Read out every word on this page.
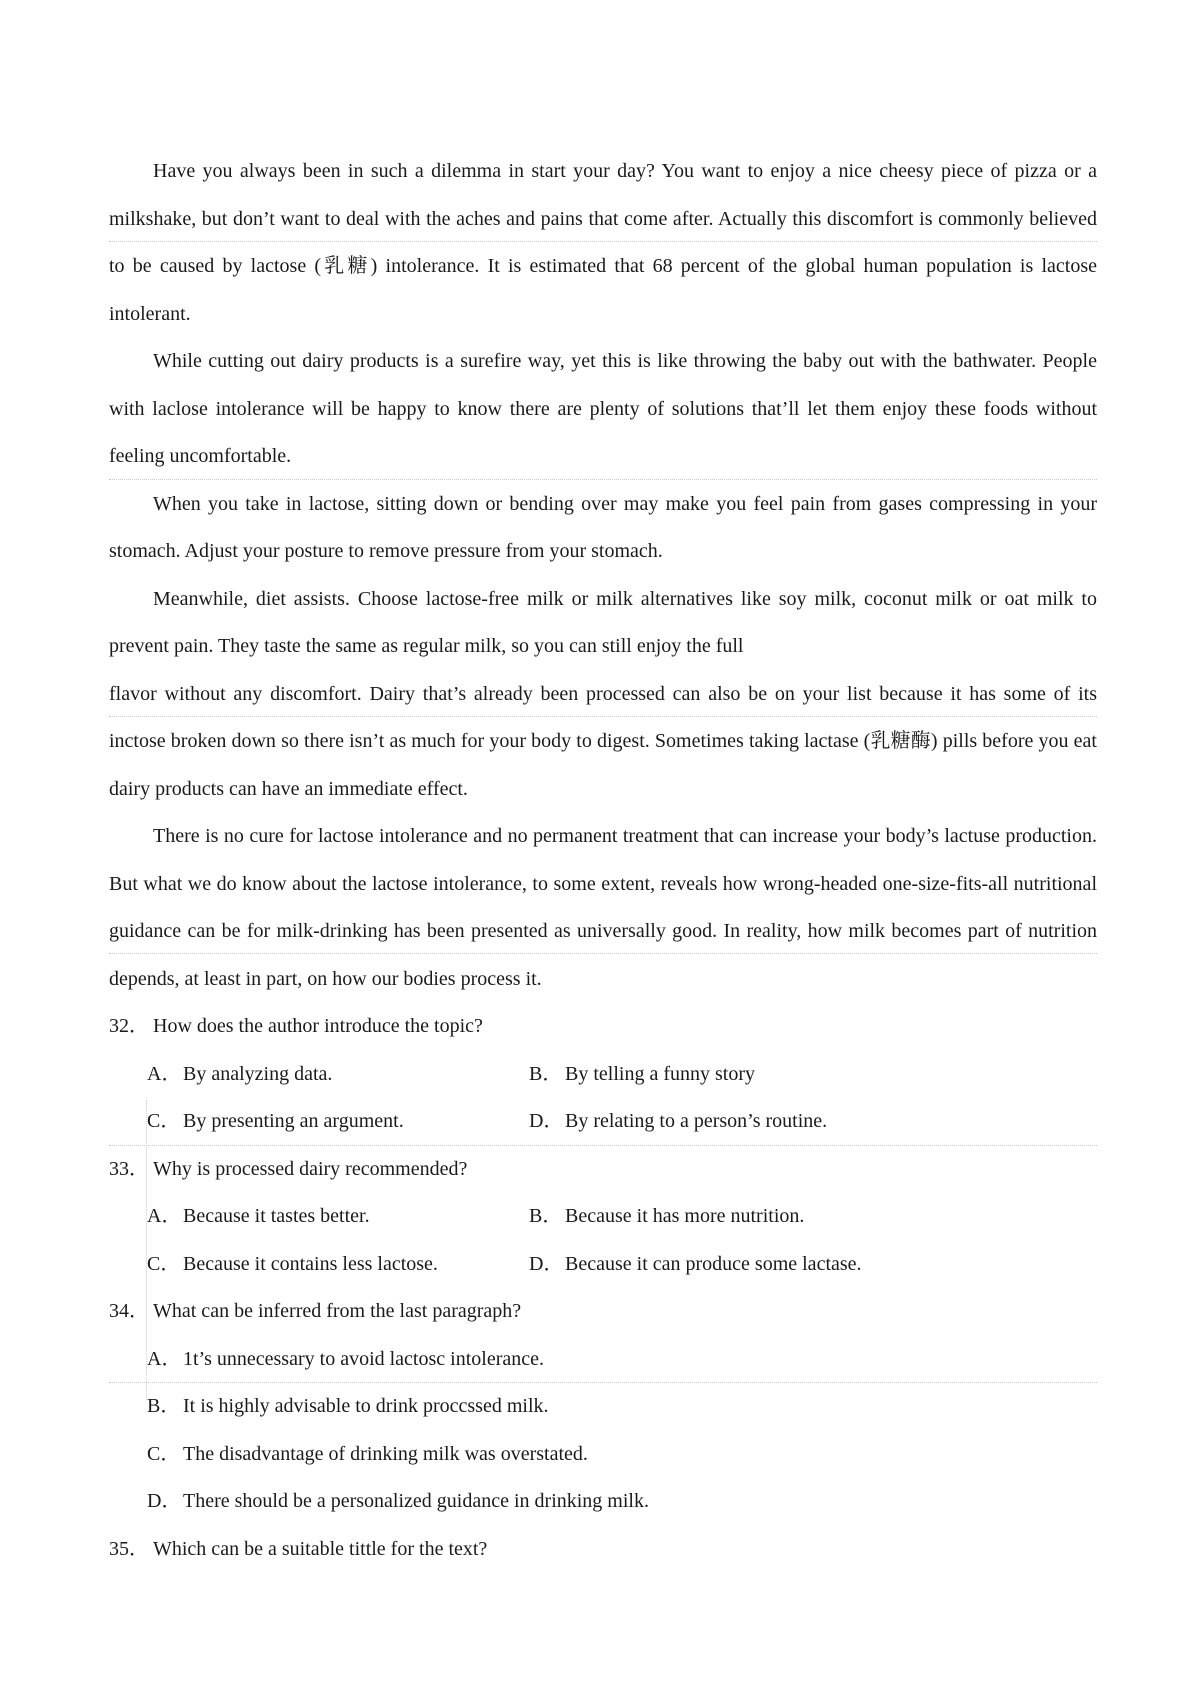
Have you always been in such a dilemma in start your day? You want to enjoy a nice cheesy piece of pizza or a milkshake, but don’t want to deal with the aches and pains that come after. Actually this discomfort is commonly believed to be caused by lactose (乳糖) intolerance. It is estimated that 68 percent of the global human population is lactose intolerant.

While cutting out dairy products is a surefire way, yet this is like throwing the baby out with the bathwater. People with laclose intolerance will be happy to know there are plenty of solutions that’ll let them enjoy these foods without feeling uncomfortable.

When you take in lactose, sitting down or bending over may make you feel pain from gases compressing in your stomach. Adjust your posture to remove pressure from your stomach.

Meanwhile, diet assists. Choose lactose-free milk or milk alternatives like soy milk, coconut milk or oat milk to prevent pain. They taste the same as regular milk, so you can still enjoy the full

flavor without any discomfort. Dairy that’s already been processed can also be on your list because it has some of its inctose broken down so there isn’t as much for your body to digest. Sometimes taking lactase (乳糖酶) pills before you eat dairy products can have an immediate effect.

There is no cure for lactose intolerance and no permanent treatment that can increase your body’s lactuse production. But what we do know about the lactose intolerance, to some extent, reveals how wrong-headed one-size-fits-all nutritional guidance can be for milk-drinking has been presented as universally good. In reality, how milk becomes part of nutrition depends, at least in part, on how our bodies process it.

32． How does the author introduce the topic?
A．By analyzing data.	B． By telling a funny story
C． By presenting an argument.	D．By relating to a person’s routine.
33． Why is processed dairy recommended?
A．Because it tastes better.	B． Because it has more nutrition.
C． Because it contains less lactose.	D．Because it can produce some lactase.
34． What can be inferred from the last paragraph?
A．1t’s unnecessary to avoid lactosc intolerance.
B． It is highly advisable to drink proccssed milk.
C． The disadvantage of drinking milk was overstated.
D．There should be a personalized guidance in drinking milk.
35． Which can be a suitable tittle for the text?
